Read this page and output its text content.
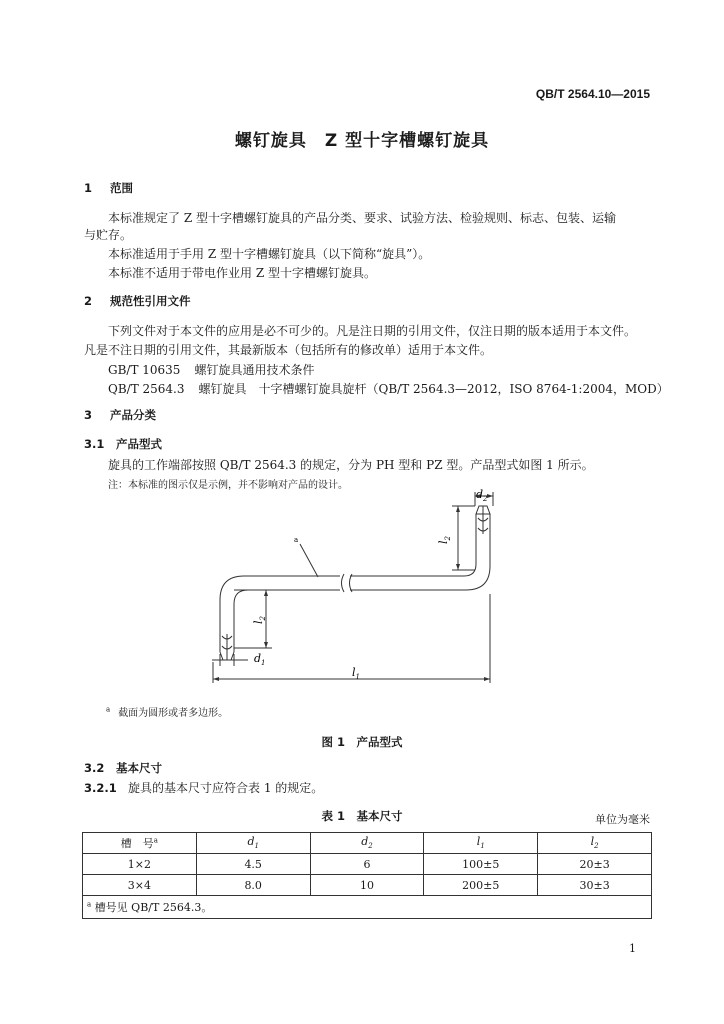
QB/T 2564.10—2015
螺钉旋具　Z 型十字槽螺钉旋具
1 范围
本标准规定了 Z 型十字槽螺钉旋具的产品分类、要求、试验方法、检验规则、标志、包装、运输
与贮存。
本标准适用于手用 Z 型十字槽螺钉旋具（以下简称“旋具”）。
本标准不适用于带电作业用 Z 型十字槽螺钉旋具。
2 规范性引用文件
下列文件对于本文件的应用是必不可少的。凡是注日期的引用文件，仅注日期的版本适用于本文件。
凡是不注日期的引用文件，其最新版本（包括所有的修改单）适用于本文件。
GB/T 10635 螺钉旋具通用技术条件
QB/T 2564.3 螺钉旋具　十字槽螺钉旋具旋杆（QB/T 2564.3—2012，ISO 8764-1:2004，MOD）
3 产品分类
3.1 产品型式
旋具的工作端部按照 QB/T 2564.3 的规定，分为 PH 型和 PZ 型。产品型式如图 1 所示。
注：本标准的图示仅是示例，并不影响对产品的设计。
$d_2$
$l_2$
$l_2$
$d_1$
$l_1$
a
$^a$ 截面为圆形或者多边形。
图 1　产品型式
3.2 基本尺寸
3.2.1 旋具的基本尺寸应符合表 1 的规定。
表 1　基本尺寸	单位为毫米
槽　号$^a$	$d_1$	$d_2$	$l_1$	$l_2$
1×2	4.5	6	100±5	20±3
3×4	8.0	10	200±5	30±3
$^a$ 槽号见 QB/T 2564.3。				
1
